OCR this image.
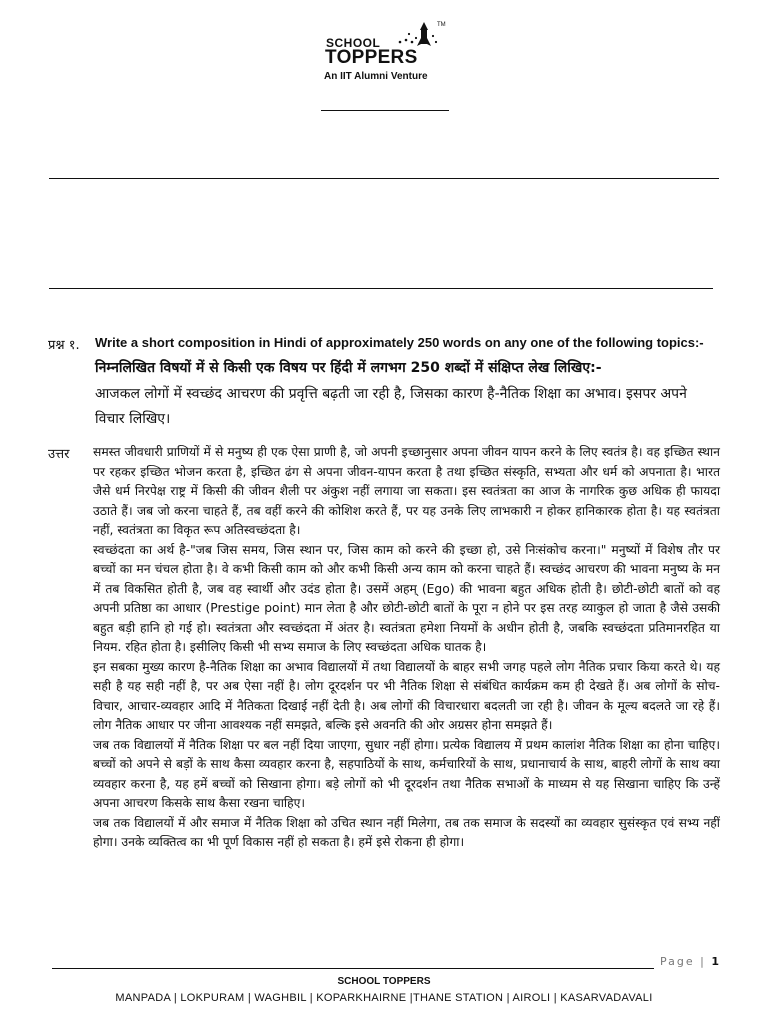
TM
SCHOOL
TOPPERS
An IIT Alumni Venture
प्रश्न १. Write a short composition in Hindi of approximately 250 words on any one of the following topics:-
निम्नलिखित विषयों में से किसी एक विषय पर हिंदी में लगभग 250 शब्दों में संक्षिप्त लेख लिखिए:-
आजकल लोगों में स्वच्छंद आचरण की प्रवृत्ति बढ़ती जा रही है, जिसका कारण है-नैतिक शिक्षा का अभाव। इसपर अपने विचार लिखिए।
उत्तर समस्त जीवधारी प्राणियों में से मनुष्य ही एक ऐसा प्राणी है, जो अपनी इच्छानुसार अपना जीवन यापन करने के लिए स्वतंत्र है। वह इच्छित स्थान पर रहकर इच्छित भोजन करता है, इच्छित ढंग से अपना जीवन-यापन करता है तथा इच्छित संस्कृति, सभ्यता और धर्म को अपनाता है। भारत जैसे धर्म निरपेक्ष राष्ट्र में किसी की जीवन शैली पर अंकुश नहीं लगाया जा सकता। इस स्वतंत्रता का आज के नागरिक कुछ अधिक ही फायदा उठाते हैं। जब जो करना चाहते हैं, तब वहीं करने की कोशिश करते हैं, पर यह उनके लिए लाभकारी न होकर हानिकारक होता है। यह स्वतंत्रता नहीं, स्वतंत्रता का विकृत रूप अतिस्वच्छंदता है।

स्वच्छंदता का अर्थ है-"जब जिस समय, जिस स्थान पर, जिस काम को करने की इच्छा हो, उसे निःसंकोच करना।" मनुष्यों में विशेष तौर पर बच्चों का मन चंचल होता है। वे कभी किसी काम को और कभी किसी अन्य काम को करना चाहते हैं। स्वच्छंद आचरण की भावना मनुष्य के मन में तब विकसित होती है, जब वह स्वार्थी और उदंड होता है। उसमें अहम् (Ego) की भावना बहुत अधिक होती है। छोटी-छोटी बातों को वह अपनी प्रतिष्ठा का आधार (Prestige point) मान लेता है और छोटी-छोटी बातों के पूरा न होने पर इस तरह व्याकुल हो जाता है जैसे उसकी बहुत बड़ी हानि हो गई हो। स्वतंत्रता और स्वच्छंदता में अंतर है। स्वतंत्रता हमेशा नियमों के अधीन होती है, जबकि स्वच्छंदता प्रतिमानरहित या नियम. रहित होता है। इसीलिए किसी भी सभ्य समाज के लिए स्वच्छंदता अधिक घातक है।

इन सबका मुख्य कारण है-नैतिक शिक्षा का अभाव विद्यालयों में तथा विद्यालयों के बाहर सभी जगह पहले लोग नैतिक प्रचार किया करते थे। यह सही है यह सही नहीं है, पर अब ऐसा नहीं है। लोग दूरदर्शन पर भी नैतिक शिक्षा से संबंधित कार्यक्रम कम ही देखते हैं। अब लोगों के सोच-विचार, आचार-व्यवहार आदि में नैतिकता दिखाई नहीं देती है। अब लोगों की विचारधारा बदलती जा रही है। जीवन के मूल्य बदलते जा रहे हैं। लोग नैतिक आधार पर जीना आवश्यक नहीं समझते, बल्कि इसे अवनति की ओर अग्रसर होना समझते हैं।

जब तक विद्यालयों में नैतिक शिक्षा पर बल नहीं दिया जाएगा, सुधार नहीं होगा। प्रत्येक विद्यालय में प्रथम कालांश नैतिक शिक्षा का होना चाहिए। बच्चों को अपने से बड़ों के साथ कैसा व्यवहार करना है, सहपाठियों के साथ, कर्मचारियों के साथ, प्रधानाचार्य के साथ, बाहरी लोगों के साथ क्या व्यवहार करना है, यह हमें बच्चों को सिखाना होगा। बड़े लोगों को भी दूरदर्शन तथा नैतिक सभाओं के माध्यम से यह सिखाना चाहिए कि उन्हें अपना आचरण किसके साथ कैसा रखना चाहिए।

जब तक विद्यालयों में और समाज में नैतिक शिक्षा को उचित स्थान नहीं मिलेगा, तब तक समाज के सदस्यों का व्यवहार सुसंस्कृत एवं सभ्य नहीं होगा। उनके व्यक्तित्व का भी पूर्ण विकास नहीं हो सकता है। हमें इसे रोकना ही होगा।

Page | 1
SCHOOL TOPPERS
MANPADA | LOKPURAM | WAGHBIL | KOPARKHAIRNE |THANE STATION | AIROLI | KASARVADAVALI
